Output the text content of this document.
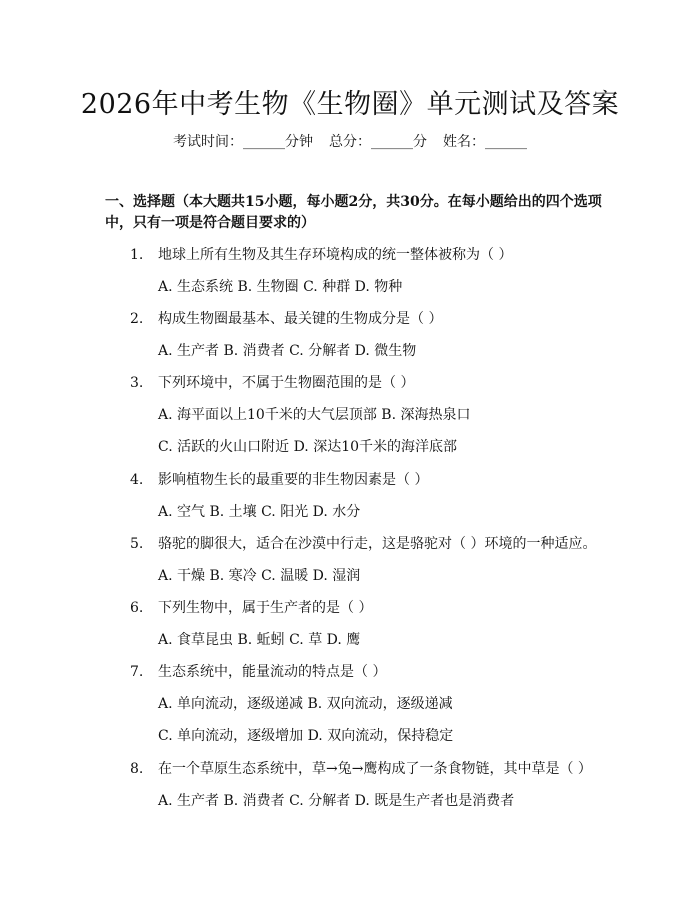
2026年中考生物《生物圈》单元测试及答案
考试时间：______分钟 总分：______分 姓名：______
一、选择题（本大题共15小题，每小题2分，共30分。在每小题给出的四个选项中，只有一项是符合题目要求的）
1. 地球上所有生物及其生存环境构成的统一整体被称为（ ）
A. 生态系统 B. 生物圈 C. 种群 D. 物种
2. 构成生物圈最基本、最关键的生物成分是（ ）
A. 生产者 B. 消费者 C. 分解者 D. 微生物
3. 下列环境中，不属于生物圈范围的是（ ）
A. 海平面以上10千米的大气层顶部 B. 深海热泉口
C. 活跃的火山口附近 D. 深达10千米的海洋底部
4. 影响植物生长的最重要的非生物因素是（ ）
A. 空气 B. 土壤 C. 阳光 D. 水分
5. 骆驼的脚很大，适合在沙漠中行走，这是骆驼对（ ）环境的一种适应。
A. 干燥 B. 寒冷 C. 温暖 D. 湿润
6. 下列生物中，属于生产者的是（ ）
A. 食草昆虫 B. 蚯蚓 C. 草 D. 鹰
7. 生态系统中，能量流动的特点是（ ）
A. 单向流动，逐级递减 B. 双向流动，逐级递减
C. 单向流动，逐级增加 D. 双向流动，保持稳定
8. 在一个草原生态系统中，草→兔→鹰构成了一条食物链，其中草是（ ）
A. 生产者 B. 消费者 C. 分解者 D. 既是生产者也是消费者
